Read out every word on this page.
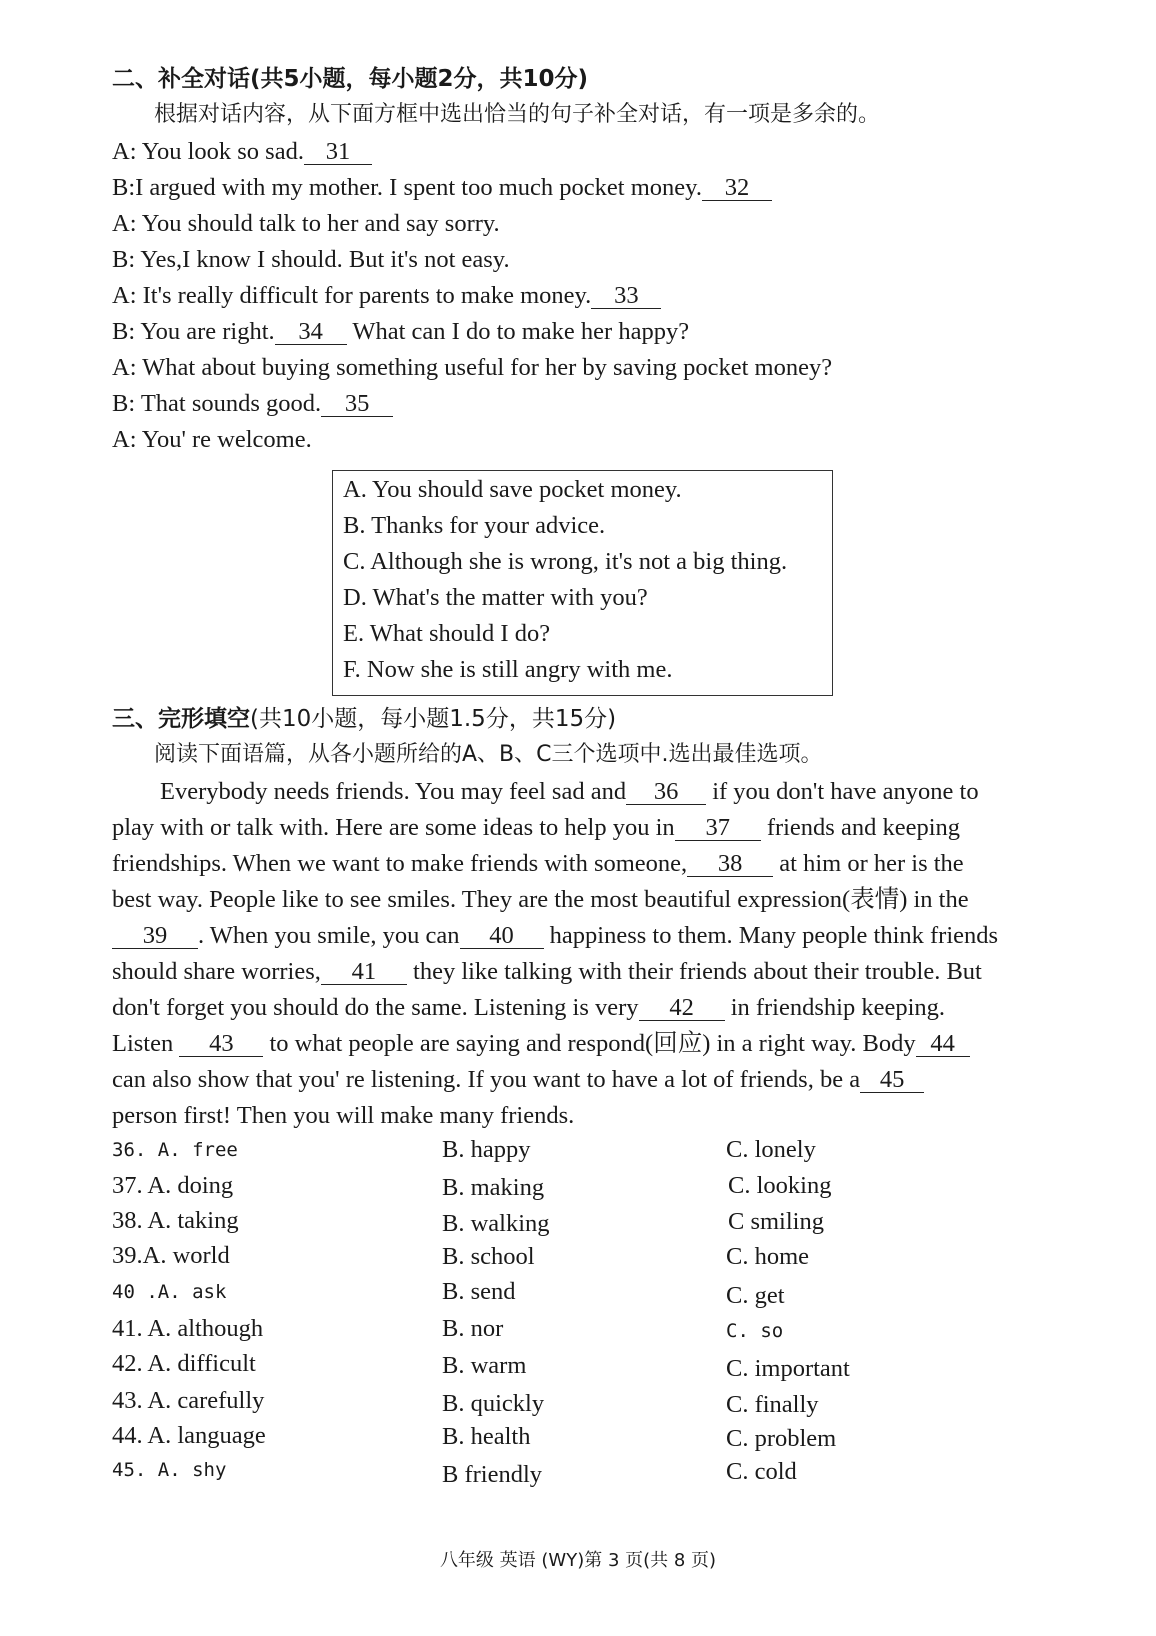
二、补全对话(共5小题，每小题2分，共10分)
根据对话内容，从下面方框中选出恰当的句子补全对话，有一项是多余的。
A: You look so sad. 31
B:I argued with my mother. I spent too much pocket money. 32
A: You should talk to her and say sorry.
B: Yes,I know I should. But it's not easy.
A: It's really difficult for parents to make money. 33
B: You are right. 34 What can I do to make her happy?
A: What about buying something useful for her by saving pocket money?
B: That sounds good. 35
A: You' re welcome.
A. You should save pocket money.
B. Thanks for your advice.
C. Although she is wrong, it's not a big thing.
D. What's the matter with you?
E. What should I do?
F. Now she is still angry with me.
三、完形填空(共10小题，每小题1.5分，共15分)
阅读下面语篇，从各小题所给的A、B、C三个选项中.选出最佳选项。
Everybody needs friends. You may feel sad and 36 if you don't have anyone to
play with or talk with. Here are some ideas to help you in 37 friends and keeping
friendships. When we want to make friends with someone, 38 at him or her is the
best way. People like to see smiles. They are the most beautiful expression(表情) in the
39 . When you smile, you can 40 happiness to them. Many people think friends
should share worries, 41 they like talking with their friends about their trouble. But
don't forget you should do the same. Listening is very 42 in friendship keeping.
Listen 43 to what people are saying and respond(回应) in a right way. Body 44
can also show that you' re listening. If you want to have a lot of friends, be a 45
person first! Then you will make many friends.
36. A. free	B. happy	C. lonely
37. A. doing	B. making	C. looking
38. A. taking	B. walking	C smiling
39.A. world	B. school	C. home
40 .A. ask	B. send	C. get
41. A. although	B. nor	C. so
42. A. difficult	B. warm	C. important
43. A. carefully	B. quickly	C. finally
44. A. language	B. health	C. problem
45. A. shy	B friendly	C. cold
八年级 英语 (WY)第 3 页(共 8 页)
